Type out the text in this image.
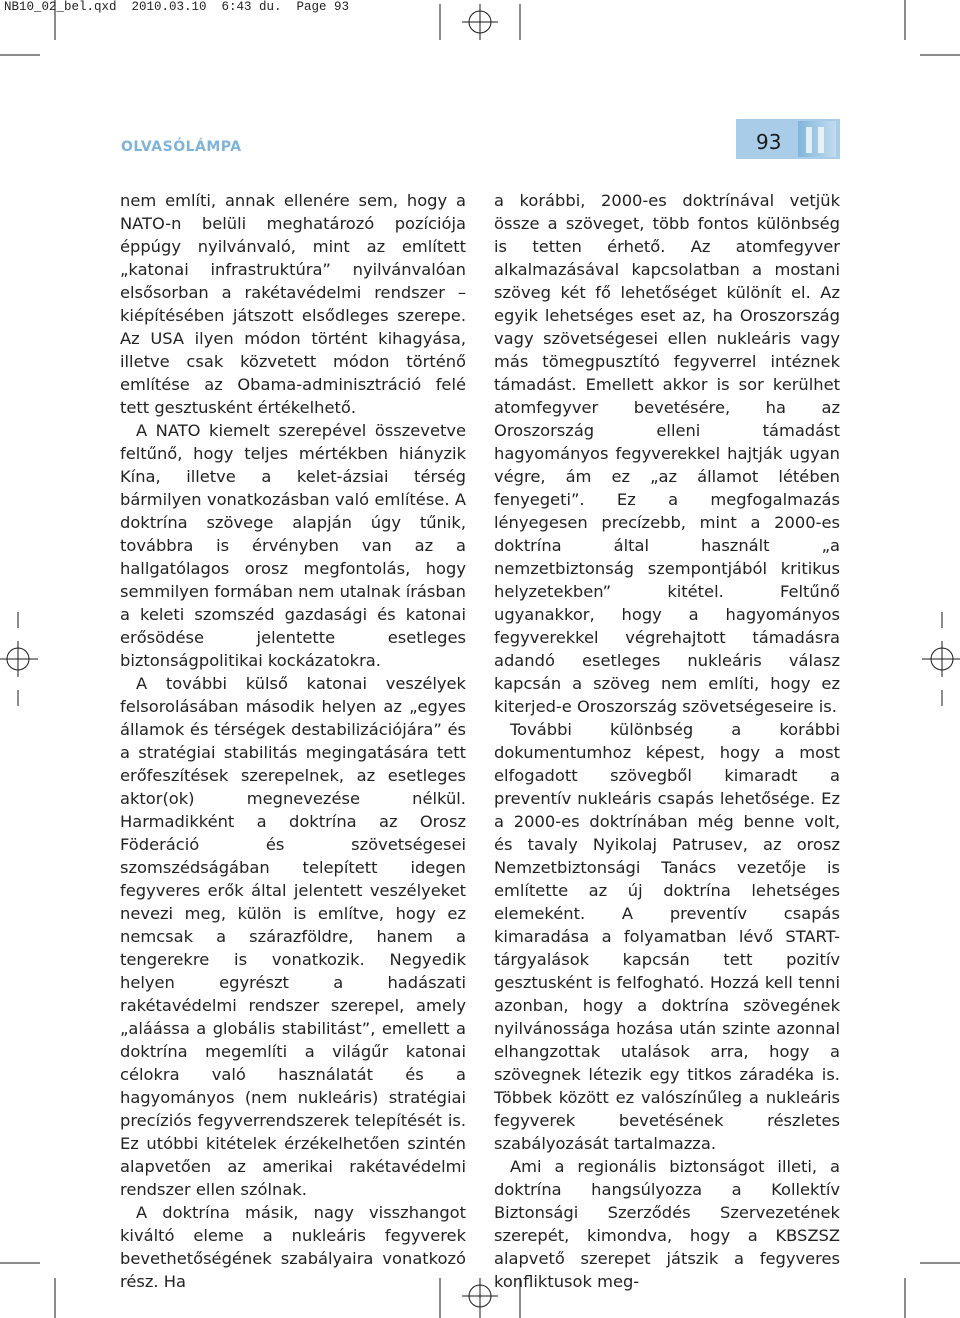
NB10_02_bel.qxd  2010.03.10  6:43 du.  Page 93
OLVASÓLÁMPA	93

nem említi, annak ellenére sem, hogy a NATO-n belüli meghatározó pozíciója éppúgy nyilvánvaló, mint az említett „katonai infrastruktúra” nyilvánvalóan elsősorban a rakétavédelmi rendszer – kiépítésében játszott elsődleges szerepe. Az USA ilyen módon történt kihagyása, illetve csak közvetett módon történő említése az Obama-adminisztráció felé tett gesztusként értékelhető.

A NATO kiemelt szerepével összevetve feltűnő, hogy teljes mértékben hiányzik Kína, illetve a kelet-ázsiai térség bármilyen vonatkozásban való említése. A doktrína szövege alapján úgy tűnik, továbbra is érvényben van az a hallgatólagos orosz megfontolás, hogy semmilyen formában nem utalnak írásban a keleti szomszéd gazdasági és katonai erősödése jelentette esetleges biztonságpolitikai kockázatokra.

A további külső katonai veszélyek felsorolásában második helyen az „egyes államok és térségek destabilizációjára” és a stratégiai stabilitás megingatására tett erőfeszítések szerepelnek, az esetleges aktor(ok) megnevezése nélkül. Harmadikként a doktrína az Orosz Föderáció és szövetségesei szomszédságában telepített idegen fegyveres erők által jelentett veszélyeket nevezi meg, külön is említve, hogy ez nemcsak a szárazföldre, hanem a tengerekre is vonatkozik. Negyedik helyen egyrészt a hadászati rakétavédelmi rendszer szerepel, amely „aláássa a globális stabilitást”, emellett a doktrína megemlíti a világűr katonai célokra való használatát és a hagyományos (nem nukleáris) stratégiai precíziós fegyverrendszerek telepítését is. Ez utóbbi kitételek érzékelhetően szintén alapvetően az amerikai rakétavédelmi rendszer ellen szólnak.

A doktrína másik, nagy visszhangot kiváltó eleme a nukleáris fegyverek bevethetőségének szabályaira vonatkozó rész. Ha

a korábbi, 2000-es doktrínával vetjük össze a szöveget, több fontos különbség is tetten érhető. Az atomfegyver alkalmazásával kapcsolatban a mostani szöveg két fő lehetőséget különít el. Az egyik lehetséges eset az, ha Oroszország vagy szövetségesei ellen nukleáris vagy más tömegpusztító fegyverrel intéznek támadást. Emellett akkor is sor kerülhet atomfegyver bevetésére, ha az Oroszország elleni támadást hagyományos fegyverekkel hajtják ugyan végre, ám ez „az államot létében fenyegeti”. Ez a megfogalmazás lényegesen precízebb, mint a 2000-es doktrína által használt „a nemzetbiztonság szempontjából kritikus helyzetekben” kitétel. Feltűnő ugyanakkor, hogy a hagyományos fegyverekkel végrehajtott támadásra adandó esetleges nukleáris válasz kapcsán a szöveg nem említi, hogy ez kiterjed-e Oroszország szövetségeseire is.

További különbség a korábbi dokumentumhoz képest, hogy a most elfogadott szövegből kimaradt a preventív nukleáris csapás lehetősége. Ez a 2000-es doktrínában még benne volt, és tavaly Nyikolaj Patrusev, az orosz Nemzetbiztonsági Tanács vezetője is említette az új doktrína lehetséges elemeként. A preventív csapás kimaradása a folyamatban lévő START-tárgyalások kapcsán tett pozitív gesztusként is felfogható. Hozzá kell tenni azonban, hogy a doktrína szövegének nyilvánossága hozása után szinte azonnal elhangzottak utalások arra, hogy a szövegnek létezik egy titkos záradéka is. Többek között ez valószínűleg a nukleáris fegyverek bevetésének részletes szabályozását tartalmazza.

Ami a regionális biztonságot illeti, a doktrína hangsúlyozza a Kollektív Biztonsági Szerződés Szervezetének szerepét, kimondva, hogy a KBSZSZ alapvető szerepet játszik a fegyveres konfliktusok meg-
